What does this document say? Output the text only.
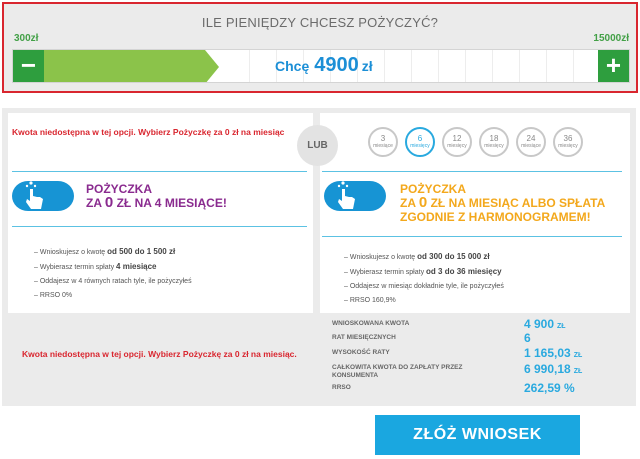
ILE PIENIĘDZY CHCESZ POŻYCZYĆ?
300zł	15000zł
−	Chcę 4900 zł	+
Kwota niedostępna w tej opcji. Wybierz Pożyczkę za 0 zł na miesiąc
POŻYCZKA
ZA 0 ZŁ NA 4 MIESIĄCE!
– Wnioskujesz o kwotę od 500 do 1 500 zł
– Wybierasz termin spłaty 4 miesiące
– Oddajesz w 4 równych ratach tyle, ile pożyczyłeś
– RRSO 0%
LUB
3
miesiące
6
miesięcy
12
miesięcy
18
miesięcy
24
miesiące
36
miesięcy
POŻYCZKA
ZA 0 ZŁ NA MIESIĄC ALBO SPŁATA
ZGODNIE Z HARMONOGRAMEM!
– Wnioskujesz o kwotę od 300 do 15 000 zł
– Wybierasz termin spłaty od 3 do 36 miesięcy
– Oddajesz w miesiąc dokładnie tyle, ile pożyczyłeś
– RRSO 160,9%
Kwota niedostępna w tej opcji. Wybierz Pożyczkę za 0 zł na miesiąc.
WNIOSKOWANA KWOTA	4 900 ZŁ
RAT MIESIĘCZNYCH	6
WYSOKOŚĆ RATY	1 165,03 ZŁ
CAŁKOWITA KWOTA DO ZAPŁATY PRZEZ KONSUMENTA	6 990,18 ZŁ
RRSO	262,59 %
ZŁÓŻ WNIOSEK
